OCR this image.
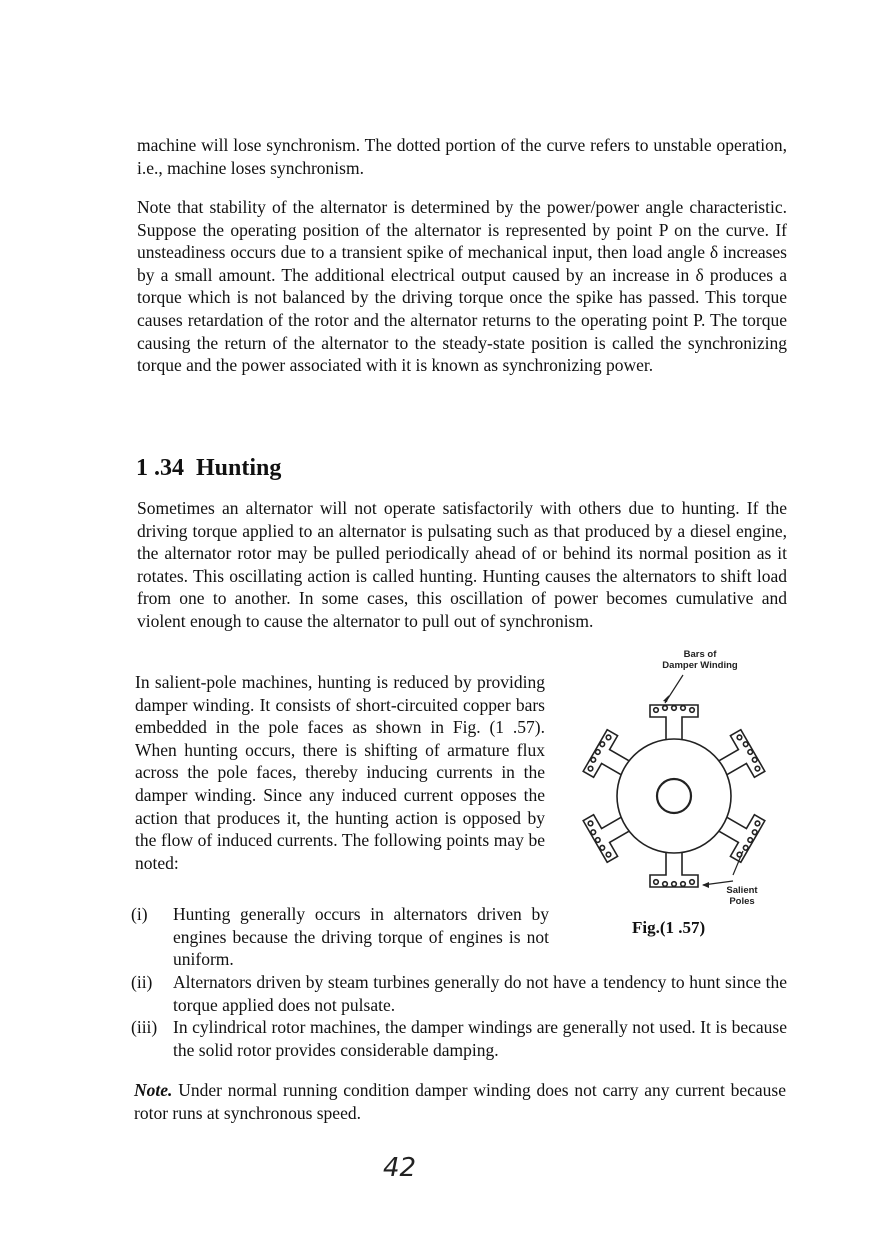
machine will lose synchronism. The dotted portion of the curve refers to unstable operation, i.e., machine loses synchronism.

Note that stability of the alternator is determined by the power/power angle characteristic. Suppose the operating position of the alternator is represented by point P on the curve. If unsteadiness occurs due to a transient spike of mechanical input, then load angle δ increases by a small amount. The additional electrical output caused by an increase in δ produces a torque which is not balanced by the driving torque once the spike has passed. This torque causes retardation of the rotor and the alternator returns to the operating point P. The torque causing the return of the alternator to the steady-state position is called the synchronizing torque and the power associated with it is known as synchronizing power.

1 .34 Hunting

Sometimes an alternator will not operate satisfactorily with others due to hunting. If the driving torque applied to an alternator is pulsating such as that produced by a diesel engine, the alternator rotor may be pulled periodically ahead of or behind its normal position as it rotates. This oscillating action is called hunting. Hunting causes the alternators to shift load from one to another. In some cases, this oscillation of power becomes cumulative and violent enough to cause the alternator to pull out of synchronism.

In salient-pole machines, hunting is reduced by providing damper winding. It consists of short-circuited copper bars embedded in the pole faces as shown in Fig. (1 .57). When hunting occurs, there is shifting of armature flux across the pole faces, thereby inducing currents in the damper winding. Since any induced current opposes the action that produces it, the hunting action is opposed by the flow of induced currents. The following points may be noted:

(i) Hunting generally occurs in alternators driven by engines because the driving torque of engines is not uniform.
(ii) Alternators driven by steam turbines generally do not have a tendency to hunt since the torque applied does not pulsate.
(iii) In cylindrical rotor machines, the damper windings are generally not used. It is because the solid rotor provides considerable damping.

Note. Under normal running condition damper winding does not carry any current because rotor runs at synchronous speed.

Bars of
Damper Winding
Salient
Poles
Fig.(1 .57)
42
